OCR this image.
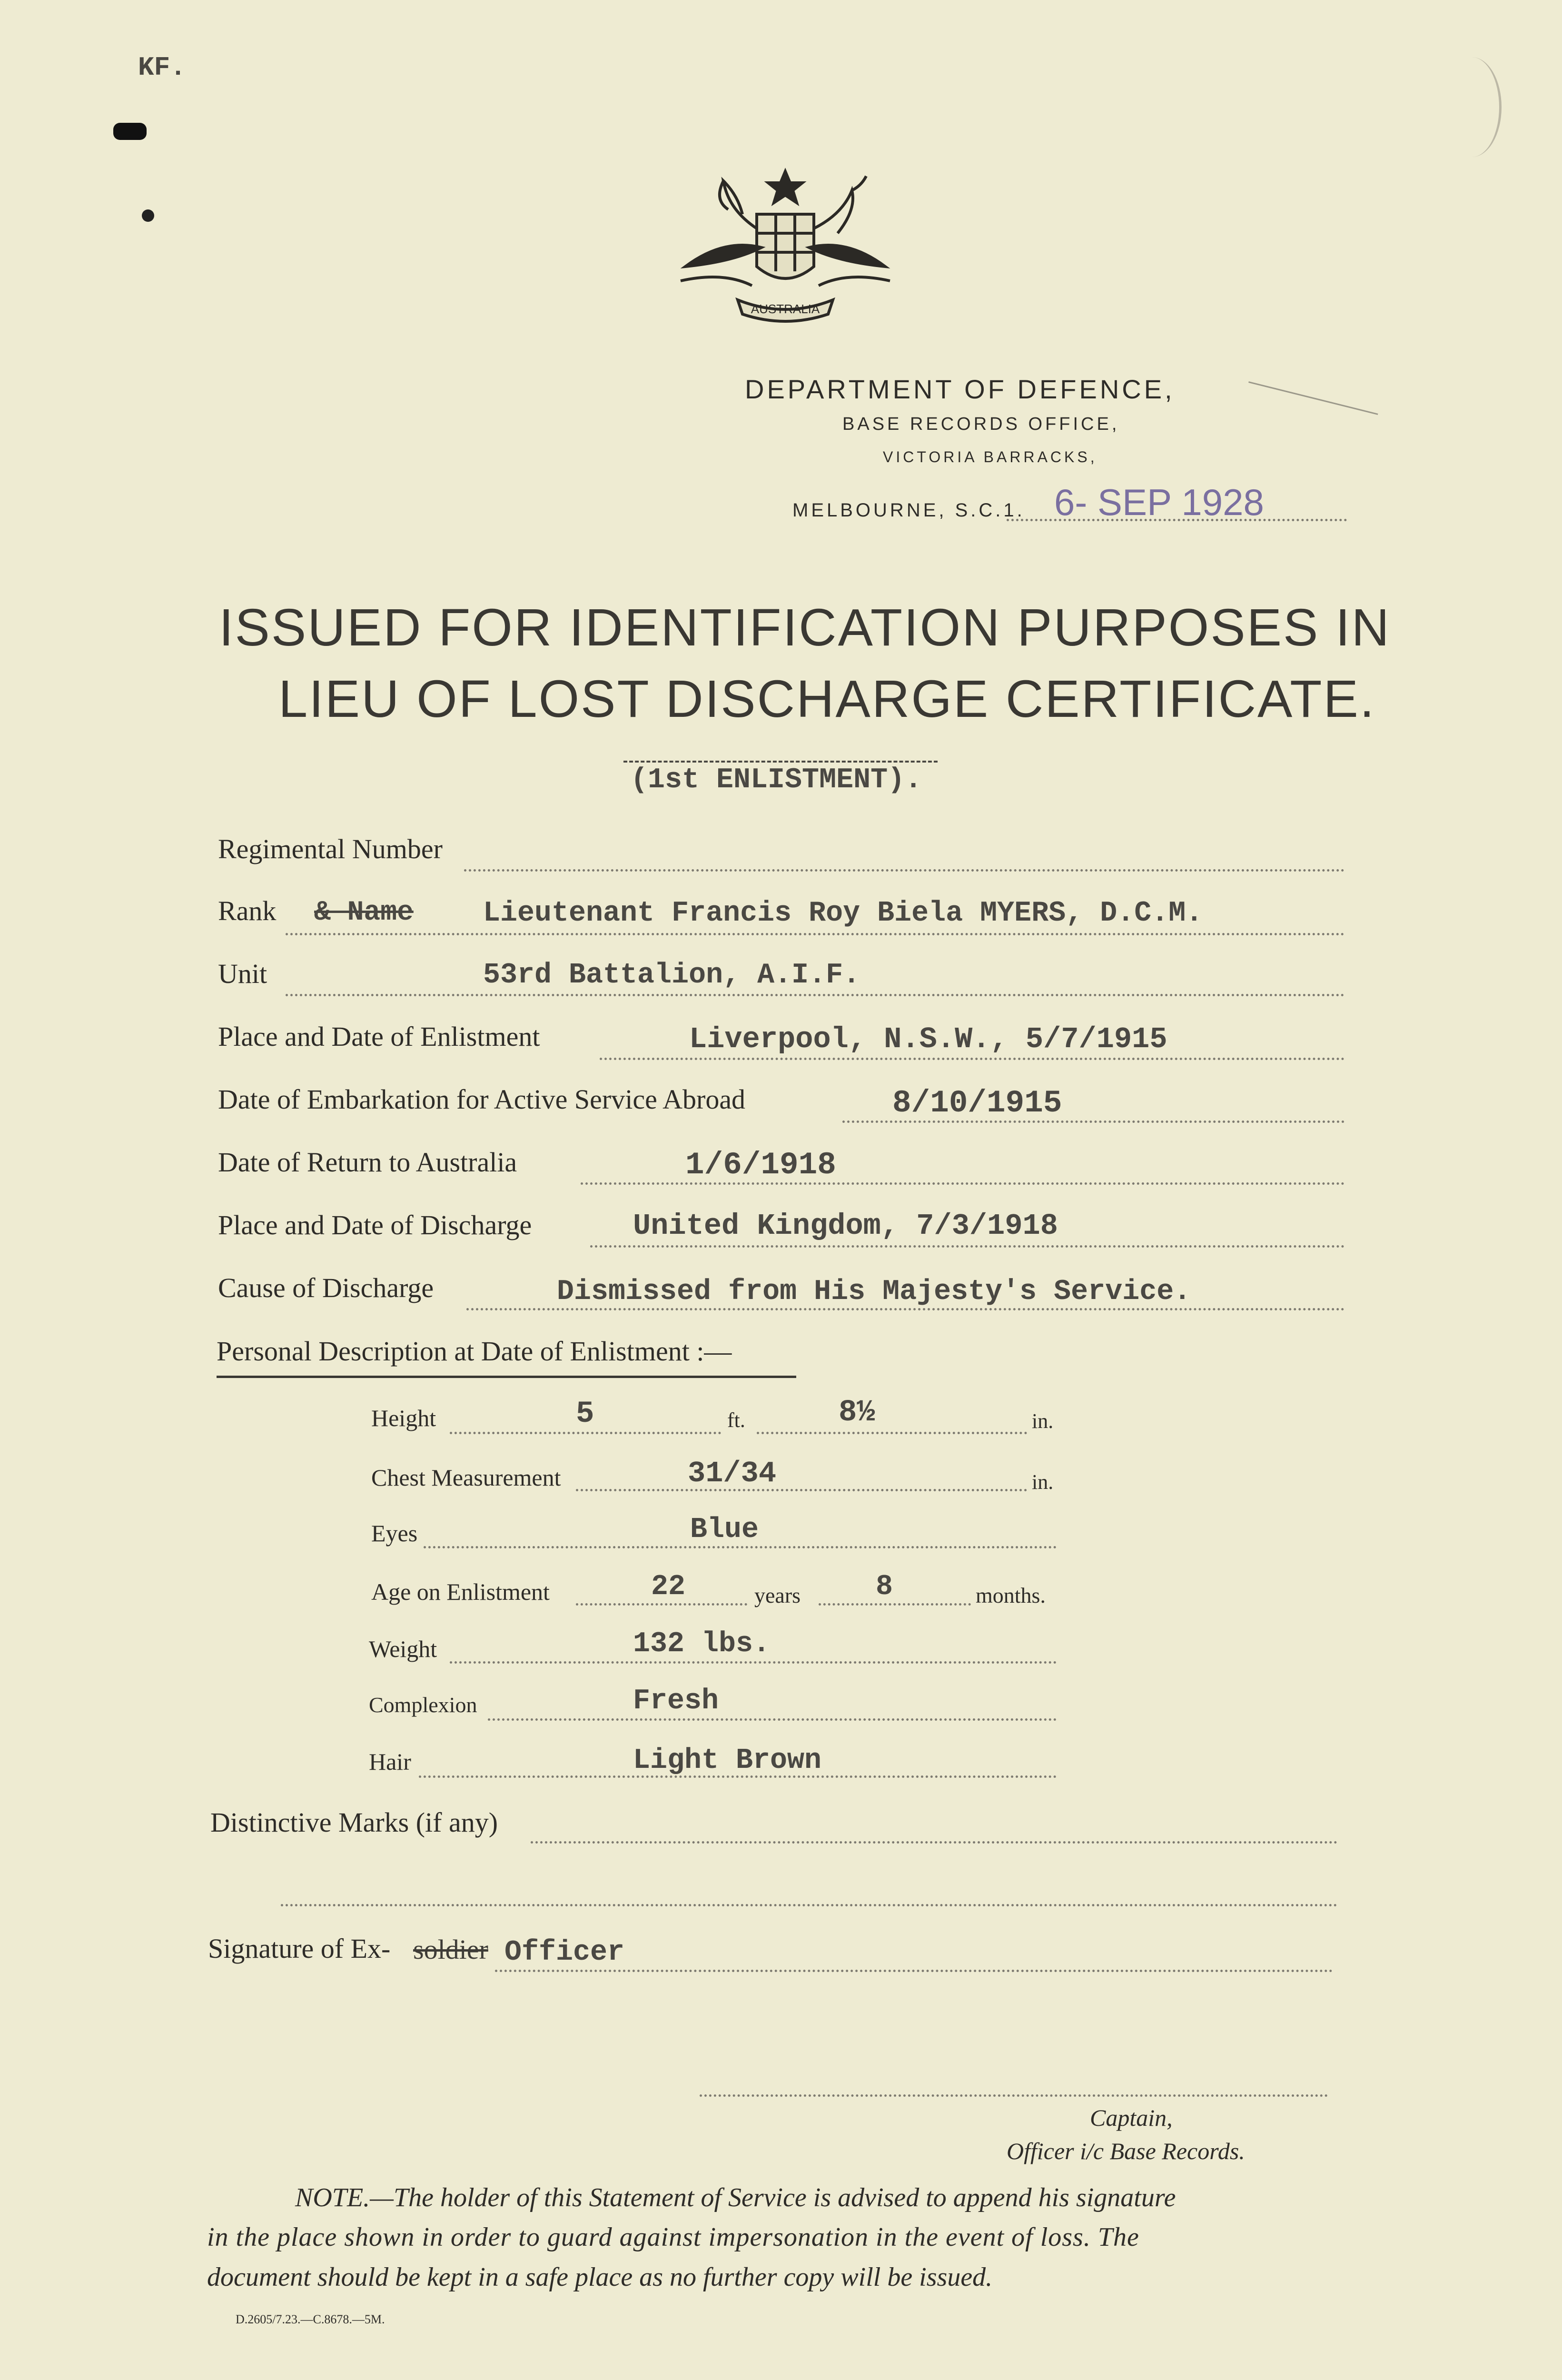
KF.
AUSTRALIA
DEPARTMENT OF DEFENCE,
BASE RECORDS OFFICE,
VICTORIA BARRACKS,
MELBOURNE, S.C.1. 6- SEP 1928
ISSUED FOR IDENTIFICATION PURPOSES IN
LIEU OF LOST DISCHARGE CERTIFICATE.
(1st ENLISTMENT).
Regimental Number
Rank & Name Lieutenant Francis Roy Biela MYERS, D.C.M.
Unit	53rd Battalion, A.I.F.
Place and Date of Enlistment	Liverpool, N.S.W., 5/7/1915
Date of Embarkation for Active Service Abroad	8/10/1915
Date of Return to Australia	1/6/1918
Place and Date of Discharge	United Kingdom, 7/3/1918
Cause of Discharge	Dismissed from His Majesty's Service.
Personal Description at Date of Enlistment :—
Height	5	ft.	8½	in.
Chest Measurement	31/34	in.
Eyes	Blue
Age on Enlistment	22	years	8	months.
Weight	132 lbs.
Complexion	Fresh
Hair	Light Brown
Distinctive Marks (if any)
Signature of Ex- soldier Officer
Captain,
Officer i/c Base Records.
NOTE.—The holder of this Statement of Service is advised to append his signature
in the place shown in order to guard against impersonation in the event of loss. The
document should be kept in a safe place as no further copy will be issued.
D.2605/7.23.—C.8678.—5M.
